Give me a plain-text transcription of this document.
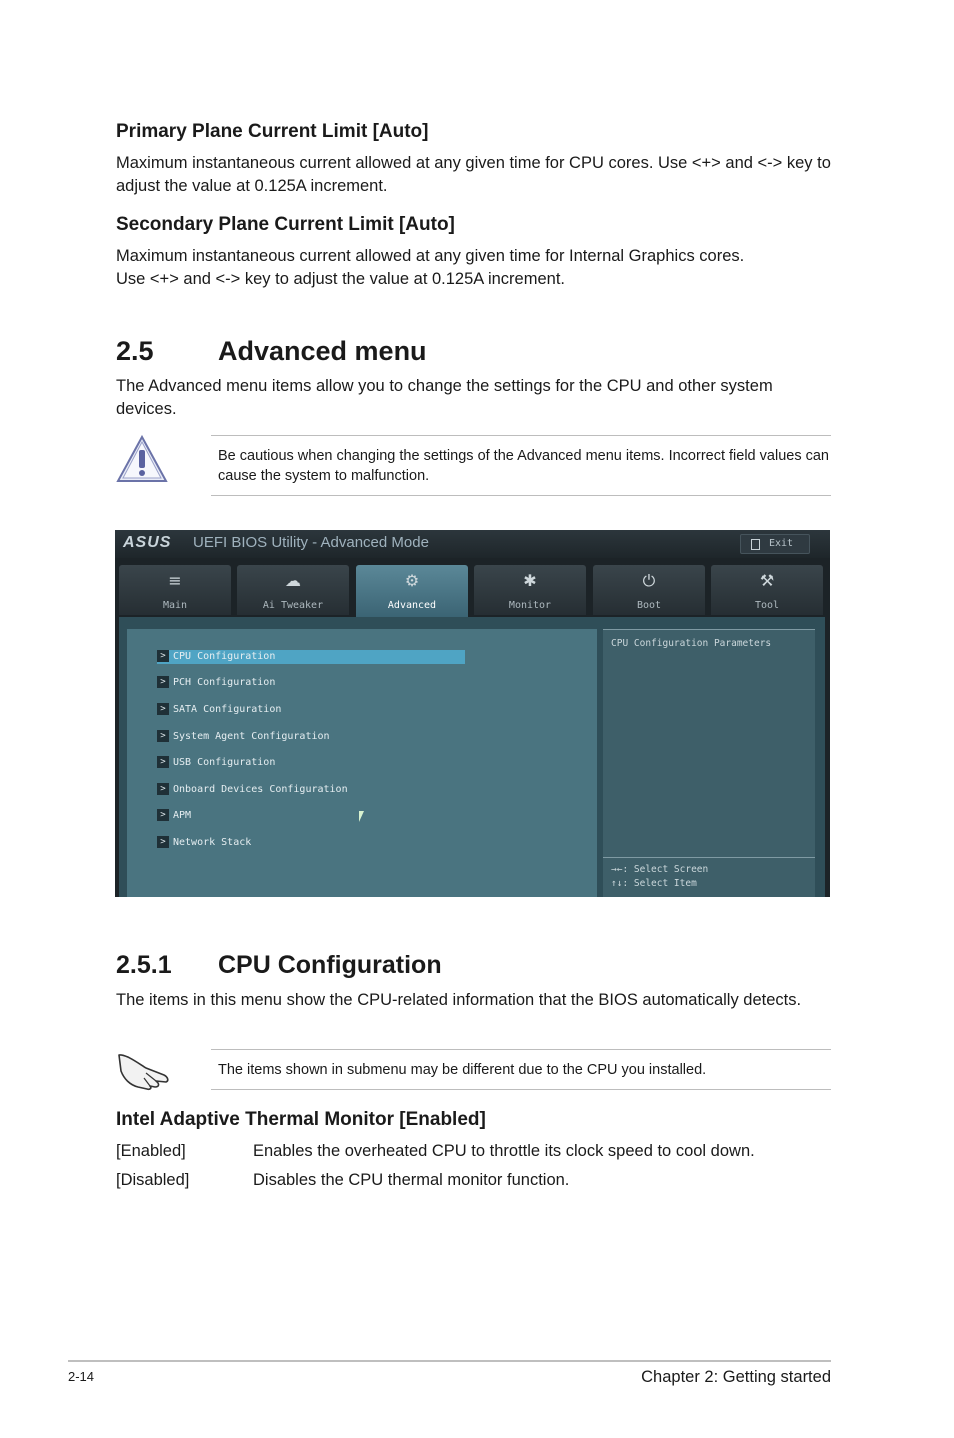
Primary Plane Current Limit [Auto]

Maximum instantaneous current allowed at any given time for CPU cores. Use <+> and <-> key to adjust the value at 0.125A increment.

Secondary Plane Current Limit [Auto]

Maximum instantaneous current allowed at any given time for Internal Graphics cores.

Use <+> and <-> key to adjust the value at 0.125A increment.

2.5 Advanced menu

The Advanced menu items allow you to change the settings for the CPU and other system devices.

Be cautious when changing the settings of the Advanced menu items. Incorrect field values can cause the system to malfunction.
ASUS UEFI BIOS Utility - Advanced Mode	Exit
≡
Main
☁
Ai Tweaker
⚙
Advanced
✱
Monitor
⏻
Boot
⚒
Tool
> CPU Configuration
> PCH Configuration
> SATA Configuration
> System Agent Configuration
> USB Configuration
> Onboard Devices Configuration
> APM
> Network Stack
CPU Configuration Parameters
→←: Select Screen
↑↓: Select Item
2.5.1 CPU Configuration

The items in this menu show the CPU-related information that the BIOS automatically detects.

The items shown in submenu may be different due to the CPU you installed.
Intel Adaptive Thermal Monitor [Enabled]

[Enabled]	Enables the overheated CPU to throttle its clock speed to cool down.

[Disabled]	Disables the CPU thermal monitor function.

2-14	Chapter 2: Getting started
